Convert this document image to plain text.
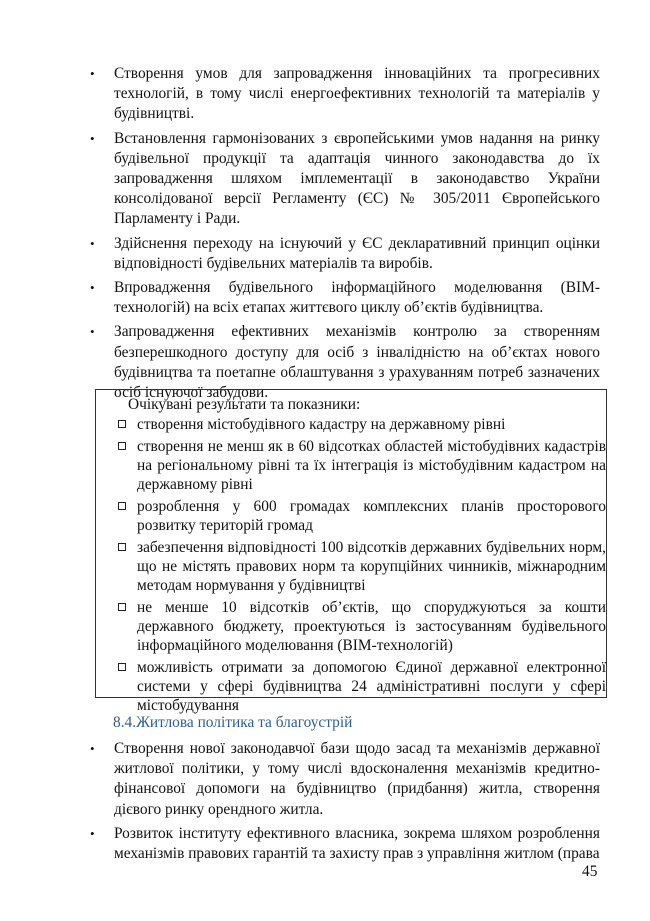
•	Створення умов для запровадження інноваційних та прогресивних технологій, в тому числі енергоефективних технологій та матеріалів у будівництві.
•	Встановлення гармонізованих з європейськими умов надання на ринку будівельної продукції та адаптація чинного законодавства до їх запровадження шляхом імплементації в законодавство України консолідованої версії Регламенту (ЄС) № 305/2011 Європейського Парламенту і Ради.
•	Здійснення переходу на існуючий у ЄС декларативний принцип оцінки відповідності будівельних матеріалів та виробів.
•	Впровадження будівельного інформаційного моделювання (BIM-технологій) на всіх етапах життєвого циклу об’єктів будівництва.
•	Запровадження ефективних механізмів контролю за створенням безперешкодного доступу для осіб з інвалідністю на об’єктах нового будівництва та поетапне облаштування з урахуванням потреб зазначених осіб існуючої забудови.
Очікувані результати та показники:
створення містобудівного кадастру на державному рівні
створення не менш як в 60 відсотках областей містобудівних кадастрів на регіональному рівні та їх інтеграція із містобудівним кадастром на державному рівні
розроблення у 600 громадах комплексних планів просторового розвитку територій громад
забезпечення відповідності 100 відсотків державних будівельних норм, що не містять правових норм та корупційних чинників, міжнародним методам нормування у будівництві
не менше 10 відсотків об’єктів, що споруджуються за кошти державного бюджету, проектуються із застосуванням будівельного інформаційного моделювання (BIM-технологій)
можливість отримати за допомогою Єдиної державної електронної системи у сфері будівництва 24 адміністративні послуги у сфері містобудування
8.4.Житлова політика та благоустрій
•	Створення нової законодавчої бази щодо засад та механізмів державної житлової політики, у тому числі вдосконалення механізмів кредитно-фінансової допомоги на будівництво (придбання) житла, створення дієвого ринку орендного житла.
•	Розвиток інституту ефективного власника, зокрема шляхом розроблення механізмів правових гарантій та захисту прав з управління житлом (права
45
